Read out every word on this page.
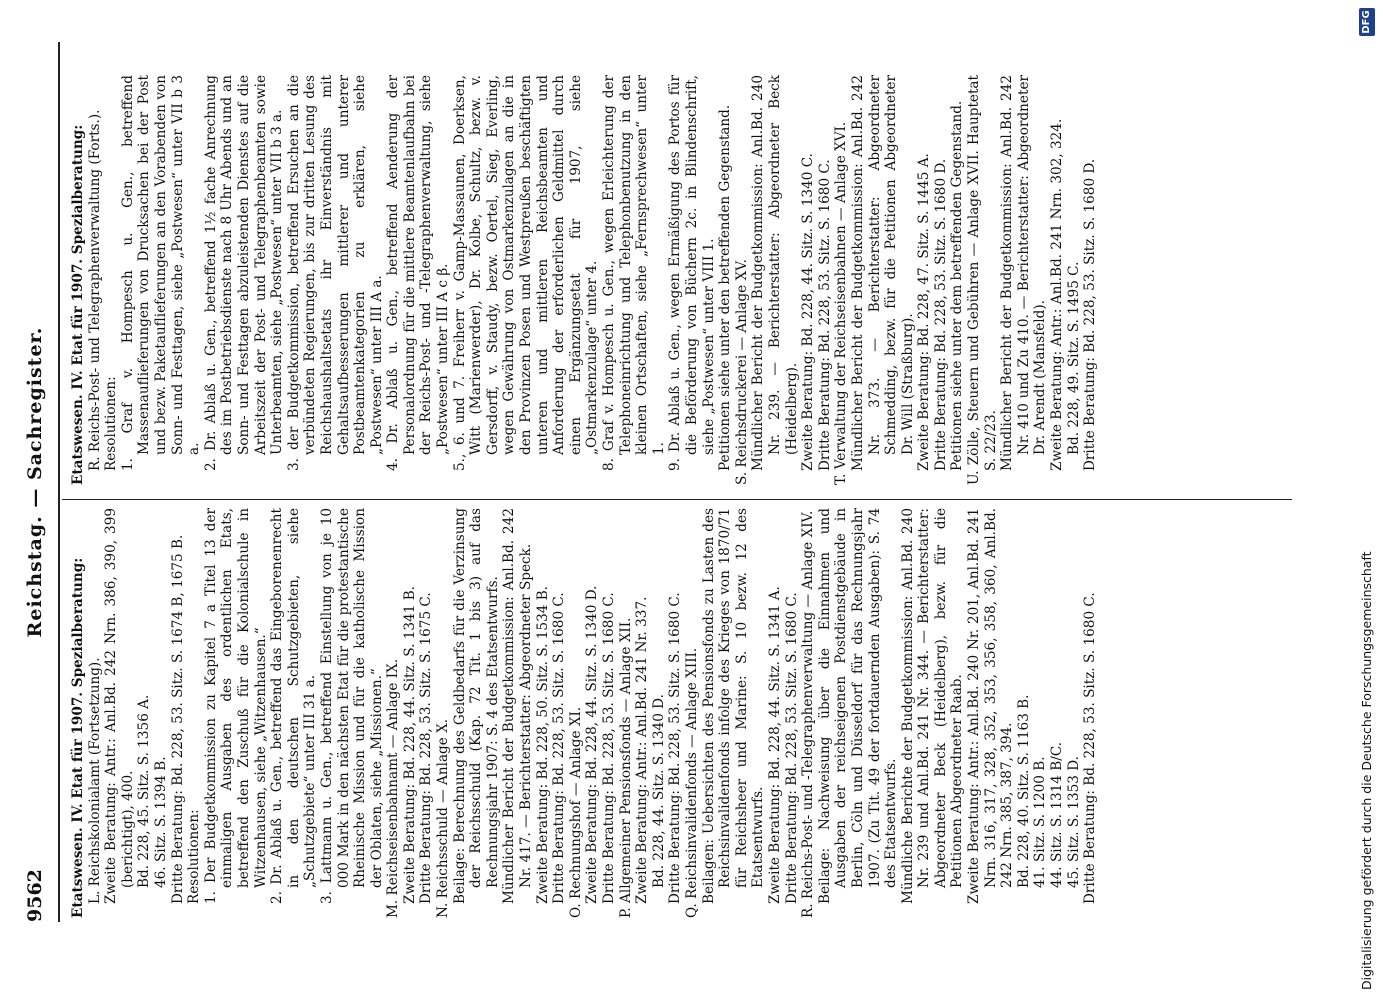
9562
Reichstag. — Sachregister.

Etatswesen. IV. Etat für 1907. Spezialberatung: L. Reichskolonialamt (Fortsetzung). Zweite Beratung: Antr.: Anl.Bd. 242 Nrn. 386, 390, 399 (berichtigt), 400. Bd. 228, 45. Sitz. S. 1356 A. 46. Sitz. S. 1394 B. Dritte Beratung: Bd. 228, 53. Sitz. S. 1674 B, 1675 B. Resolutionen: 1. Der Budgetkommission zu Kapitel 7 a Titel 13 der einmaligen Ausgaben des ordentlichen Etats, betreffend den Zuschuß für die Kolonialschule in Witzenhausen, siehe „Witzenhausen.“ 2. Dr. Ablaß u. Gen., betreffend das Eingeborenenrecht in den deutschen Schutzgebieten, siehe „Schutzgebiete“ unter III 31 a. 3. Lattmann u. Gen., betreffend Einstellung von je 10 000 Mark in den nächsten Etat für die protestantische Rheinische Mission und für die katholische Mission der Oblaten, siehe „Missionen.“ M. Reichseisenbahnamt — Anlage IX. Zweite Beratung: Bd. 228, 44. Sitz. S. 1341 B. Dritte Beratung: Bd. 228, 53. Sitz. S. 1675 C. N. Reichsschuld — Anlage X. Beilage: Berechnung des Geldbedarfs für die Verzinsung der Reichsschuld (Kap. 72 Tit. 1 bis 3) auf das Rechnungsjahr 1907: S. 4 des Etatsentwurfs. Mündlicher Bericht der Budgetkommission: Anl.Bd. 242 Nr. 417. — Berichterstatter: Abgeordneter Speck. Zweite Beratung: Bd. 228, 50. Sitz. S. 1534 B. Dritte Beratung: Bd. 228, 53. Sitz. S. 1680 C. O. Rechnungshof — Anlage XI. Zweite Beratung: Bd. 228, 44. Sitz. S. 1340 D. Dritte Beratung: Bd. 228, 53. Sitz. S. 1680 C. P. Allgemeiner Pensionsfonds — Anlage XII. Zweite Beratung: Antr.: Anl.Bd. 241 Nr. 337. Bd. 228, 44. Sitz. S. 1340 D. Dritte Beratung: Bd. 228, 53. Sitz. S. 1680 C. Q. Reichsinvalidenfonds — Anlage XIII. Beilagen: Uebersichten des Pensionsfonds zu Lasten des Reichsinvalidenfonds infolge des Krieges von 1870/71 für Reichsheer und Marine: S. 10 bezw. 12 des Etatsentwurfs. Zweite Beratung: Bd. 228, 44. Sitz. S. 1341 A. Dritte Beratung: Bd. 228, 53. Sitz. S. 1680 C. R. Reichs-Post- und -Telegraphenverwaltung — Anlage XIV. Beilage: Nachweisung über die Einnahmen und Ausgaben der reichseigenen Postdienstgebäude in Berlin, Cöln und Düsseldorf für das Rechnungsjahr 1907. (Zu Tit. 49 der fortdauernden Ausgaben): S. 74 des Etatsentwurfs. Mündliche Berichte der Budgetkommission: Anl.Bd. 240 Nr. 239 und Anl.Bd. 241 Nr. 344. — Berichterstatter: Abgeordneter Beck (Heidelberg), bezw. für die Petitionen Abgeordneter Raab. Zweite Beratung: Antr.: Anl.Bd. 240 Nr. 201, Anl.Bd. 241 Nrn. 316, 317, 328, 352, 353, 356, 358, 360, Anl.Bd. 242 Nrn. 385, 387, 394. Bd. 228, 40. Sitz. S. 1163 B. 41. Sitz. S. 1200 B. 44. Sitz. S. 1314 B/C. 45. Sitz. S. 1353 D. Dritte Beratung: Bd. 228, 53. Sitz. S. 1680 C.

Etatswesen. IV. Etat für 1907. Spezialberatung: R. Reichs-Post- und Telegraphenverwaltung (Forts.). Resolutionen: 1. Graf v. Hompesch u. Gen., betreffend Massenauflieferungen von Drucksachen bei der Post und bezw. Paketauflieferungen an den Vorabenden von Sonn- und Festtagen, siehe „Postwesen“ unter VII b 3 a. 2. Dr. Ablaß u. Gen., betreffend 1½ fache Anrechnung des im Postbetriebsdienste nach 8 Uhr Abends und an Sonn- und Festtagen abzuleistenden Dienstes auf die Arbeitszeit der Post- und Telegraphenbeamten sowie Unterbeamten, siehe „Postwesen“ unter VII b 3 a. 3. der Budgetkommission, betreffend Ersuchen an die verbündeten Regierungen, bis zur dritten Lesung des Reichshaushaltsetats ihr Einverständnis mit Gehaltsaufbesserungen mittlerer und unterer Postbeamtenkategorien zu erklären, siehe „Postwesen“ unter III A a. 4. Dr. Ablaß u. Gen., betreffend Aenderung der Personalordnung für die mittlere Beamtenlaufbahn bei der Reichs-Post- und -Telegraphenverwaltung, siehe „Postwesen“ unter III A c β. 5., 6. und 7. Freiherr v. Gamp-Massaunen, Doerksen, Witt (Marienwerder), Dr. Kolbe, Schultz, bezw. v. Gersdorff, v. Staudy, bezw. Oertel, Sieg, Everling, wegen Gewährung von Ostmarkenzulagen an die in den Provinzen Posen und Westpreußen beschäftigten unteren und mittleren Reichsbeamten und Anforderung der erforderlichen Geldmittel durch einen Ergänzungsetat für 1907, siehe „Ostmarkenzulage“ unter 4. 8. Graf v. Hompesch u. Gen., wegen Erleichterung der Telephoneinrichtung und Telephonbenutzung in den kleinen Ortschaften, siehe „Fernsprechwesen“ unter 1. 9. Dr. Ablaß u. Gen., wegen Ermäßigung des Portos für die Beförderung von Büchern 2c. in Blindenschrift, siehe „Postwesen“ unter VIII 1. Petitionen siehe unter den betreffenden Gegenstand. S. Reichsdruckerei — Anlage XV. Mündlicher Bericht der Budgetkommission: Anl.Bd. 240 Nr. 239. — Berichterstatter: Abgeordneter Beck (Heidelberg). Zweite Beratung: Bd. 228, 44. Sitz. S. 1340 C. Dritte Beratung: Bd. 228, 53. Sitz. S. 1680 C. T. Verwaltung der Reichseisenbahnen — Anlage XVI. Mündlicher Bericht der Budgetkommission: Anl.Bd. 242 Nr. 373. — Berichterstatter: Abgeordneter Schmedding, bezw. für die Petitionen Abgeordneter Dr. Will (Straßburg). Zweite Beratung: Bd. 228, 47. Sitz. S. 1445 A. Dritte Beratung: Bd. 228, 53. Sitz. S. 1680 D. Petitionen siehe unter dem betreffenden Gegenstand. U. Zölle, Steuern und Gebühren — Anlage XVII. Hauptetat S. 22/23. Mündlicher Bericht der Budgetkommission: Anl.Bd. 242 Nr. 410 und Zu 410. — Berichterstatter: Abgeordneter Dr. Arendt (Mansfeld). Zweite Beratung: Antr.: Anl.Bd. 241 Nrn. 302, 324. Bd. 228, 49. Sitz. S. 1495 C. Dritte Beratung: Bd. 228, 53. Sitz. S. 1680 D.

Digitalisierung gefördert durch die Deutsche Forschungsgemeinschaft
DFG
